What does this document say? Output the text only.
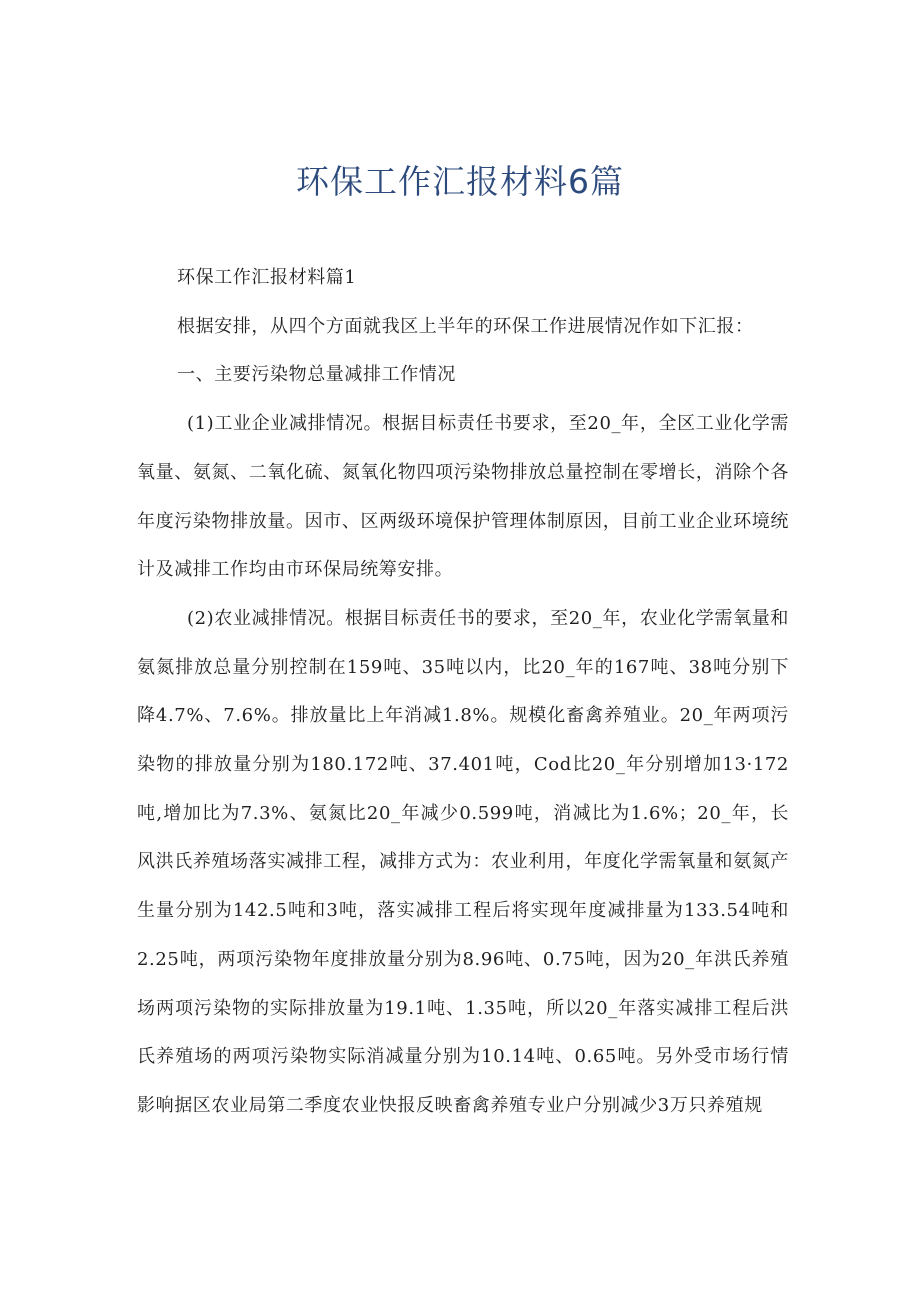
环保工作汇报材料6篇

环保工作汇报材料篇1

根据安排，从四个方面就我区上半年的环保工作进展情况作如下汇报：

一、主要污染物总量减排工作情况

(1)工业企业减排情况。根据目标责任书要求，至20_年，全区工业化学需氧量、氨氮、二氧化硫、氮氧化物四项污染物排放总量控制在零增长，消除个各年度污染物排放量。因市、区两级环境保护管理体制原因，目前工业企业环境统计及减排工作均由市环保局统筹安排。

(2)农业减排情况。根据目标责任书的要求，至20_年，农业化学需氧量和氨氮排放总量分别控制在159吨、35吨以内，比20_年的167吨、38吨分别下降4.7%、7.6%。排放量比上年消减1.8%。规模化畜禽养殖业。20_年两项污染物的排放量分别为180.172吨、37.401吨，Cod比20_年分别增加13·172吨,增加比为7.3%、氨氮比20_年减少0.599吨，消减比为1.6%；20_年，长风洪氏养殖场落实减排工程，减排方式为：农业利用，年度化学需氧量和氨氮产生量分别为142.5吨和3吨，落实减排工程后将实现年度减排量为133.54吨和2.25吨，两项污染物年度排放量分别为8.96吨、0.75吨，因为20_年洪氏养殖场两项污染物的实际排放量为19.1吨、1.35吨，所以20_年落实减排工程后洪氏养殖场的两项污染物实际消减量分别为10.14吨、0.65吨。另外受市场行情影响据区农业局第二季度农业快报反映畜禽养殖专业户分别减少3万只养殖规
